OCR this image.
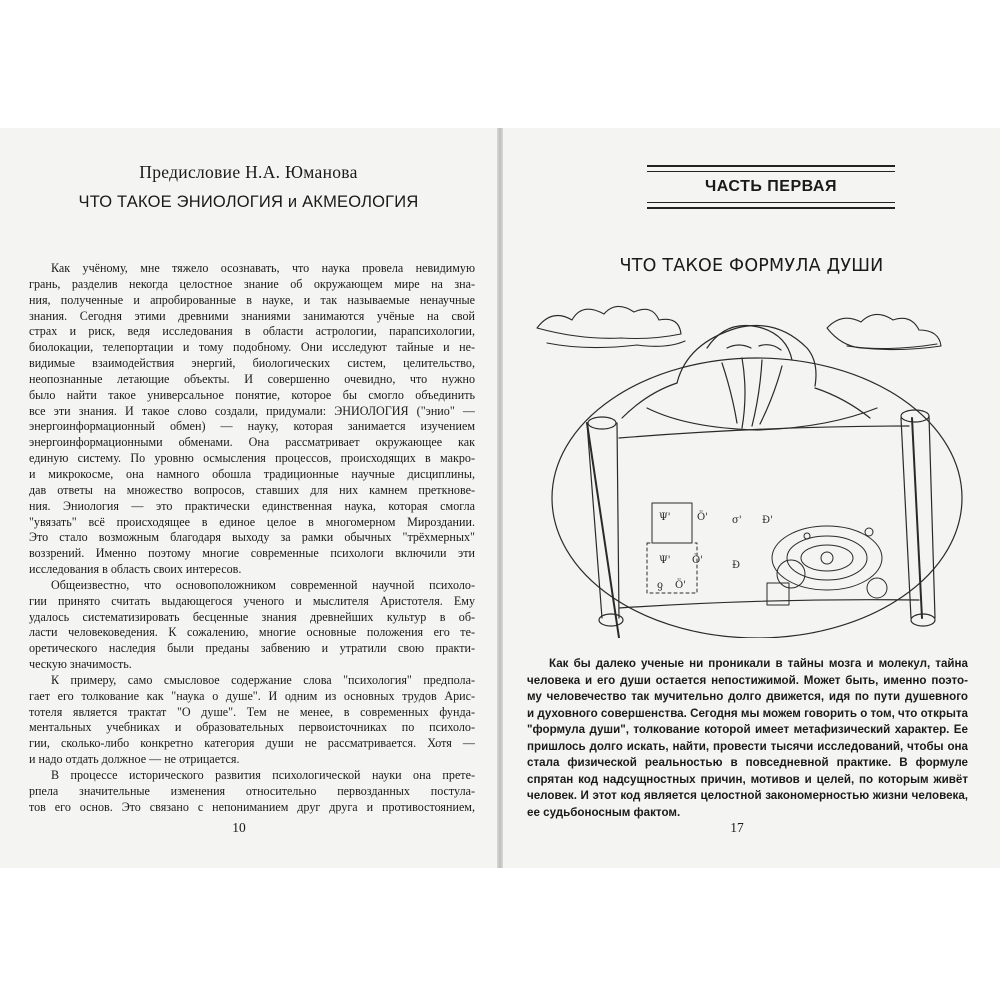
Предисловие Н.А. Юманова
ЧТО ТАКОЕ ЭНИОЛОГИЯ и АКМЕОЛОГИЯ
Как учёному, мне тяжело осознавать, что наука провела невидимую
грань, разделив некогда целостное знание об окружающем мире на зна-
ния, полученные и апробированные в науке, и так называемые ненаучные
знания. Сегодня этими древними знаниями занимаются учёные на свой
страх и риск, ведя исследования в области астрологии, парапсихологии,
биолокации, телепортации и тому подобному. Они исследуют тайные и не-
видимые взаимодействия энергий, биологических систем, целительство,
неопознанные летающие объекты. И совершенно очевидно, что нужно
было найти такое универсальное понятие, которое бы смогло объединить
все эти знания. И такое слово создали, придумали: ЭНИОЛОГИЯ ("энио" —
энергоинформационный обмен) — науку, которая занимается изучением
энергоинформационными обменами. Она рассматривает окружающее как
единую систему. По уровню осмысления процессов, происходящих в макро-
и микрокосме, она намного обошла традиционные научные дисциплины,
дав ответы на множество вопросов, ставших для них камнем преткнове-
ния. Эниология — это практически единственная наука, которая смогла
"увязать" всё происходящее в единое целое в многомерном Мироздании.
Это стало возможным благодаря выходу за рамки обычных "трёхмерных"
воззрений. Именно поэтому многие современные психологи включили эти
исследования в область своих интересов.
Общеизвестно, что основоположником современной научной психоло-
гии принято считать выдающегося ученого и мыслителя Аристотеля. Ему
удалось систематизировать бесценные знания древнейших культур в об-
ласти человековедения. К сожалению, многие основные положения его те-
оретического наследия были преданы забвению и утратили свою практи-
ческую значимость.
К примеру, само смысловое содержание слова "психология" предпола-
гает его толкование как "наука о душе". И одним из основных трудов Арис-
тотеля является трактат "О душе". Тем не менее, в современных фунда-
ментальных учебниках и образовательных первоисточниках по психоло-
гии, сколько-либо конкретно категория души не рассматривается. Хотя —
и надо отдать должное — не отрицается.
В процессе исторического развития психологической науки она прете-
рпела значительные изменения относительно первозданных постула-
тов его основ. Это связано с непониманием друг друга и противостоянием,
10
ЧАСТЬ ПЕРВАЯ
ЧТО ТАКОЕ ФОРМУЛА ДУШИ
Ψ'	Ö' σ' Ð'
Ψ' Ö'	Ð
ƍ Ö'
Как бы далеко ученые ни проникали в тайны мозга и молекул, тайна
человека и его души остается непостижимой. Может быть, именно поэто-
му человечество так мучительно долго движется, идя по пути душевного
и духовного совершенства. Сегодня мы можем говорить о том, что открыта
"формула души", толкование которой имеет метафизический характер. Ее
пришлось долго искать, найти, провести тысячи исследований, чтобы она
стала физической реальностью в повседневной практике. В формуле
спрятан код надсущностных причин, мотивов и целей, по которым живёт
человек. И этот код является целостной закономерностью жизни человека,
ее судьбоносным фактом.
17
